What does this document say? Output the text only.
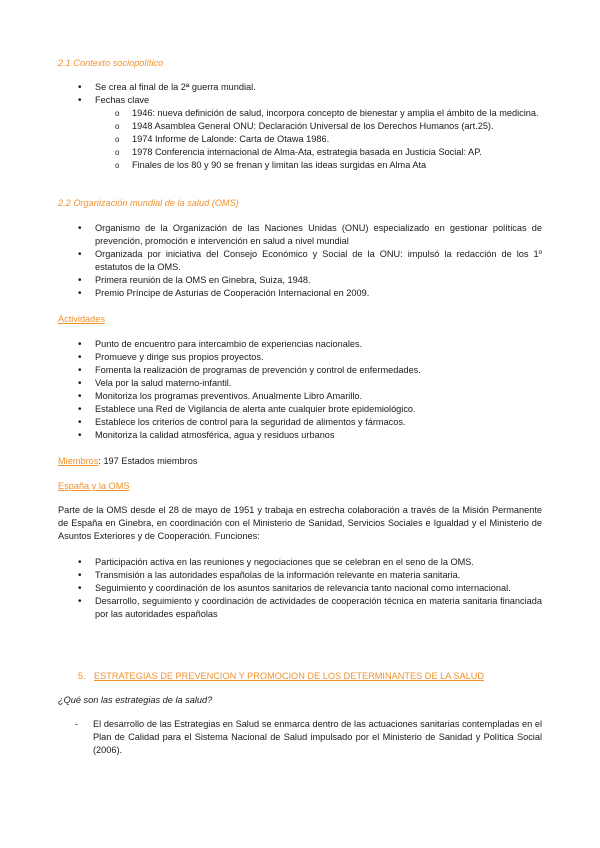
2.1 Contexto sociopolítico
• Se crea al final de la 2ª guerra mundial.
• Fechas clave
o 1946: nueva definición de salud, incorpora concepto de bienestar y amplia el ámbito de la medicina.
o 1948 Asamblea General ONU: Declaración Universal de los Derechos Humanos (art.25).
o 1974 Informe de Lalonde: Carta de Otawa 1986.
o 1978 Conferencia internacional de Alma-Ata, estrategia basada en Justicia Social: AP.
o Finales de los 80 y 90 se frenan y limitan las ideas surgidas en Alma Ata
2.2 Organización mundial de la salud (OMS)
• Organismo de la Organización de las Naciones Unidas (ONU) especializado en gestionar políticas de prevención, promoción e intervención en salud a nivel mundial
• Organizada por iniciativa del Consejo Económico y Social de la ONU: impulsó la redacción de los 1º estatutos de la OMS.
• Primera reunión de la OMS en Ginebra, Suiza, 1948.
• Premio Príncipe de Asturias de Cooperación Internacional en 2009.
Actividades
• Punto de encuentro para intercambio de experiencias nacionales.
• Promueve y dirige sus propios proyectos.
• Fomenta la realización de programas de prevención y control de enfermedades.
• Vela por la salud materno-infantil.
• Monitoriza los programas preventivos. Anualmente Libro Amarillo.
• Establece una Red de Vigilancia de alerta ante cualquier brote epidemiológico.
• Establece los criterios de control para la seguridad de alimentos y fármacos.
• Monitoriza la calidad atmosférica, agua y residuos urbanos
Miembros: 197 Estados miembros
España y la OMS
Parte de la OMS desde el 28 de mayo de 1951 y trabaja en estrecha colaboración a través de la Misión Permanente de España en Ginebra, en coordinación con el Ministerio de Sanidad, Servicios Sociales e Igualdad y el Ministerio de Asuntos Exteriores y de Cooperación. Funciones:
• Participación activa en las reuniones y negociaciones que se celebran en el seno de la OMS.
• Transmisión a las autoridades españolas de la información relevante en materia sanitaria.
• Seguimiento y coordinación de los asuntos sanitarios de relevancia tanto nacional como internacional.
• Desarrollo, seguimiento y coordinación de actividades de cooperación técnica en materia sanitaria financiada por las autoridades españolas
5. ESTRATEGIAS DE PREVENCION Y PROMOCION DE LOS DETERMINANTES DE LA SALUD
¿Qué son las estrategias de la salud?
- El desarrollo de las Estrategias en Salud se enmarca dentro de las actuaciones sanitarias contempladas en el Plan de Calidad para el Sistema Nacional de Salud impulsado por el Ministerio de Sanidad y Política Social (2006).
